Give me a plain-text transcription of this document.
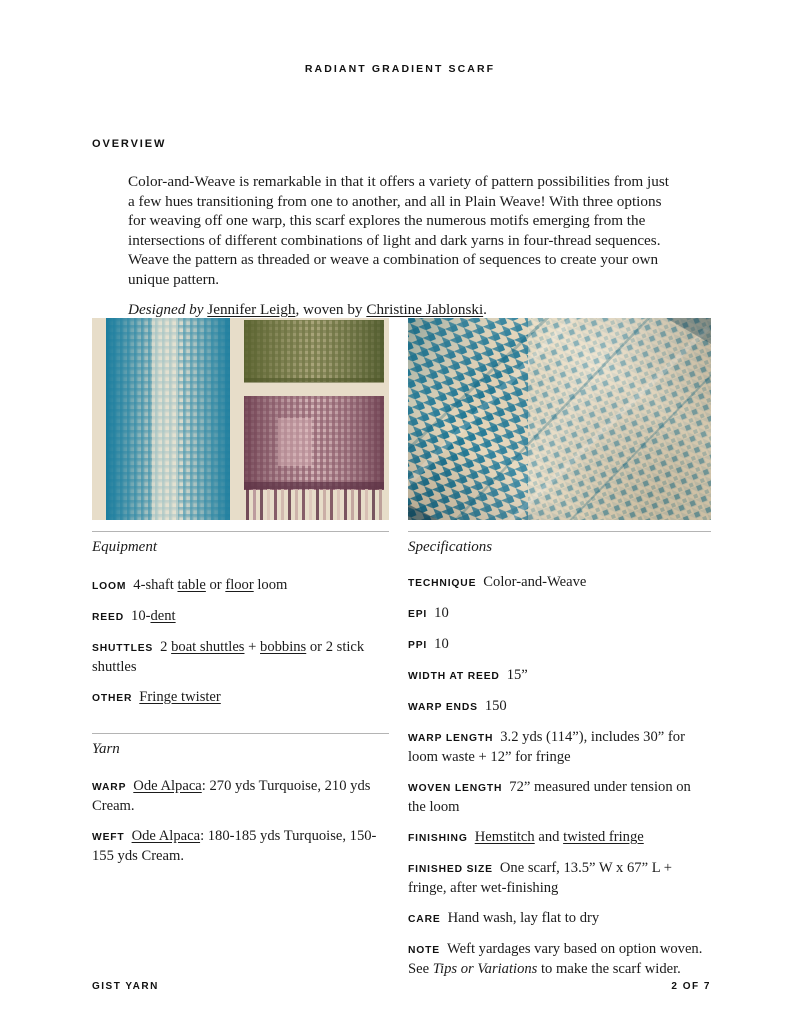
RADIANT GRADIENT SCARF
OVERVIEW

Color-and-Weave is remarkable in that it offers a variety of pattern possibilities from just a few hues transitioning from one to another, and all in Plain Weave! With three options for weaving off one warp, this scarf explores the numerous motifs emerging from the intersections of different combinations of light and dark yarns in four-thread sequences. Weave the pattern as threaded or weave a combination of sequences to create your own unique pattern.

Designed by Jennifer Leigh, woven by Christine Jablonski.

Equipment	Specifications
Yarn
LOOM 4-shaft table or floor loom
REED 10-dent
SHUTTLES 2 boat shuttles + bobbins or 2 stick shuttles
OTHER Fringe twister
WARP Ode Alpaca: 270 yds Turquoise, 210 yds Cream.
WEFT Ode Alpaca: 180-185 yds Turquoise, 150-155 yds Cream.
TECHNIQUE Color-and-Weave
EPI 10
PPI 10
WIDTH AT REED 15”
WARP ENDS 150
WARP LENGTH 3.2 yds (114”), includes 30” for loom waste + 12” for fringe
WOVEN LENGTH 72” measured under tension on the loom
FINISHING Hemstitch and twisted fringe
FINISHED SIZE One scarf, 13.5” W x 67” L + fringe, after wet-finishing
CARE Hand wash, lay flat to dry
NOTE Weft yardages vary based on option woven. See Tips or Variations to make the scarf wider.
GIST YARN	2 OF 7
